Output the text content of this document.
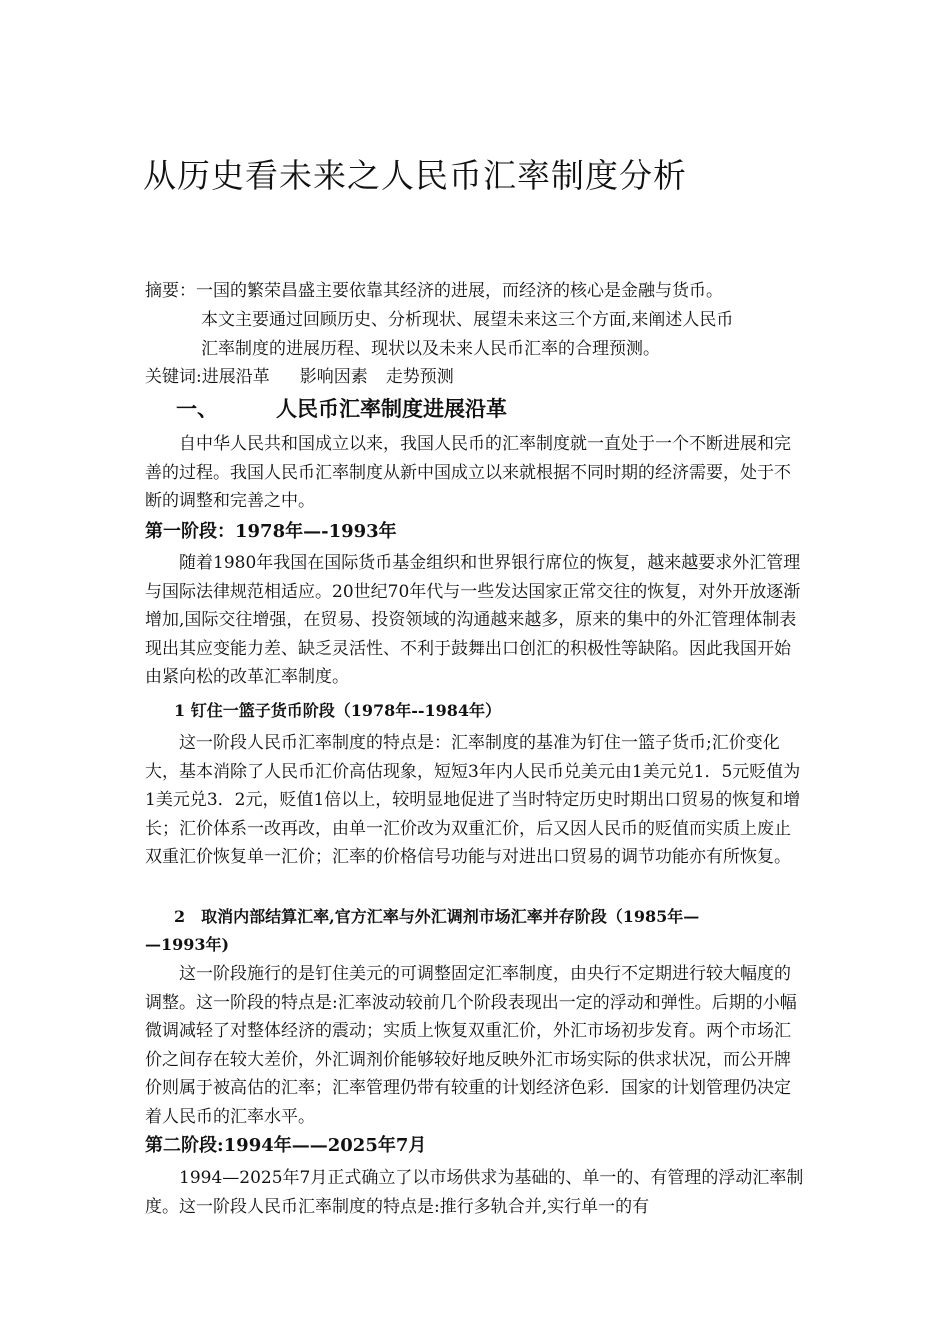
从历史看未来之人民币汇率制度分析

摘要：一国的繁荣昌盛主要依靠其经济的进展，而经济的核心是金融与货币。

本文主要通过回顾历史、分析现状、展望未来这三个方面,来阐述人民币

汇率制度的进展历程、现状以及未来人民币汇率的合理预测。

关键词:进展沿革 影响因素 走势预测

一、	人民币汇率制度进展沿革

自中华人民共和国成立以来，我国人民币的汇率制度就一直处于一个不断进展和完善的过程。我国人民币汇率制度从新中国成立以来就根据不同时期的经济需要，处于不断的调整和完善之中。

第一阶段：1978年—-1993年

随着1980年我国在国际货币基金组织和世界银行席位的恢复，越来越要求外汇管理与国际法律规范相适应。20世纪70年代与一些发达国家正常交往的恢复，对外开放逐渐增加,国际交往增强，在贸易、投资领域的沟通越来越多，原来的集中的外汇管理体制表现出其应变能力差、缺乏灵活性、不利于鼓舞出口创汇的积极性等缺陷。因此我国开始由紧向松的改革汇率制度。

1 钉住一篮子货币阶段（1978年--1984年）

这一阶段人民币汇率制度的特点是：汇率制度的基准为钉住一篮子货币;汇价变化大，基本消除了人民币汇价高估现象，短短3年内人民币兑美元由1美元兑1．5元贬值为1美元兑3．2元，贬值1倍以上，较明显地促进了当时特定历史时期出口贸易的恢复和增长；汇价体系一改再改，由单一汇价改为双重汇价，后又因人民币的贬值而实质上废止双重汇价恢复单一汇价；汇率的价格信号功能与对进出口贸易的调节功能亦有所恢复。

2　取消内部结算汇率,官方汇率与外汇调剂市场汇率并存阶段（1985年—
—1993年)

这一阶段施行的是钉住美元的可调整固定汇率制度，由央行不定期进行较大幅度的调整。这一阶段的特点是:汇率波动较前几个阶段表现出一定的浮动和弹性。后期的小幅微调减轻了对整体经济的震动；实质上恢复双重汇价，外汇市场初步发育。两个市场汇价之间存在较大差价，外汇调剂价能够较好地反映外汇市场实际的供求状况，而公开牌价则属于被高估的汇率；汇率管理仍带有较重的计划经济色彩．国家的计划管理仍决定着人民币的汇率水平。

第二阶段:1994年——2025年7月

1994—2025年7月正式确立了以市场供求为基础的、单一的、有管理的浮动汇率制度。这一阶段人民币汇率制度的特点是:推行多轨合并,实行单一的有
